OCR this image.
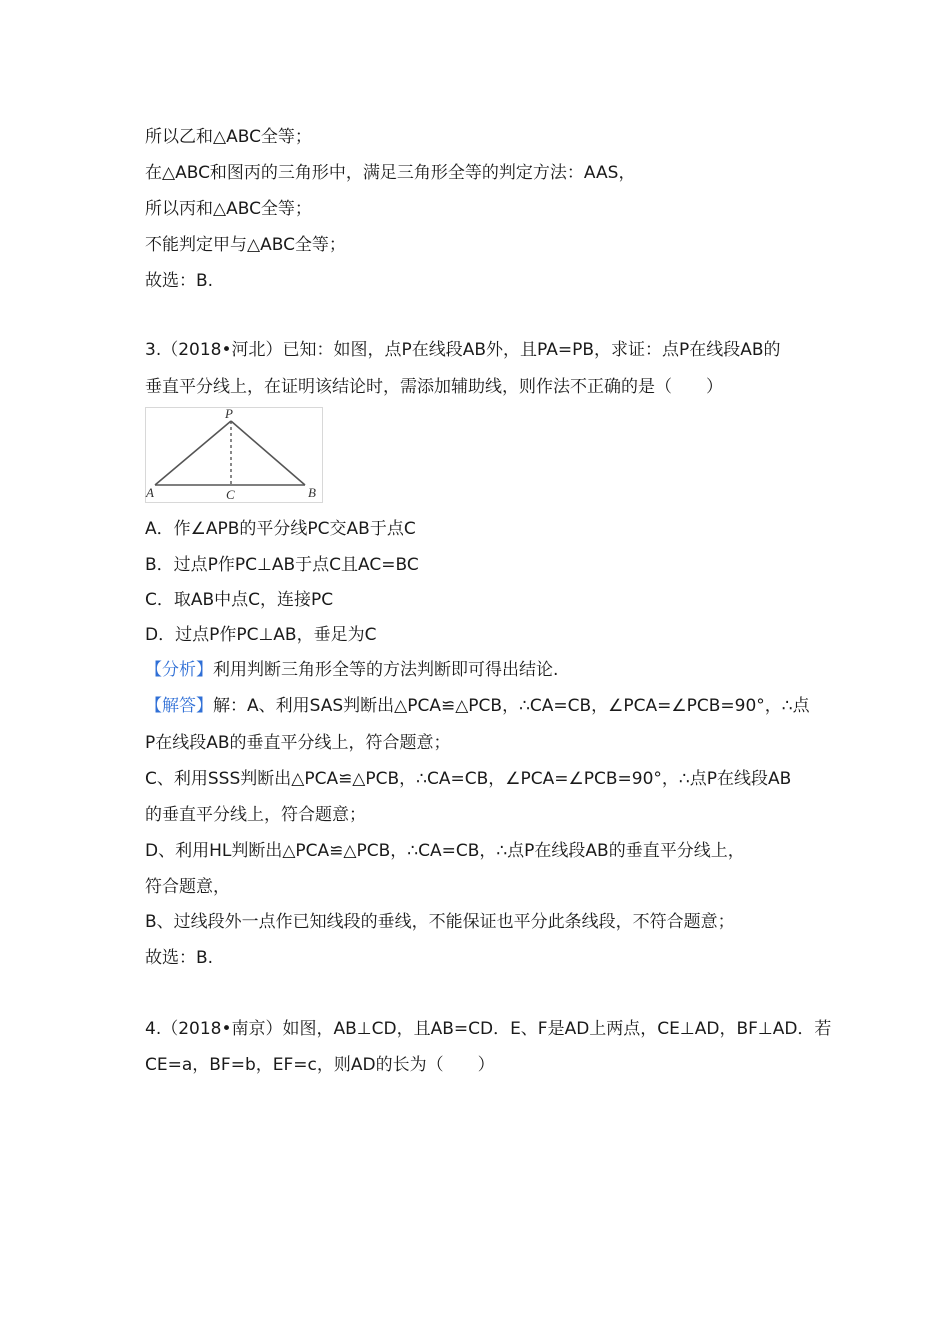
所以乙和△ABC全等；
在△ABC和图丙的三角形中，满足三角形全等的判定方法：AAS，
所以丙和△ABC全等；
不能判定甲与△ABC全等；
故选：B.
3.（2018•河北）已知：如图，点P在线段AB外，且PA=PB，求证：点P在线段AB的
垂直平分线上，在证明该结论时，需添加辅助线，则作法不正确的是（　　）
A．作∠APB的平分线PC交AB于点C
B．过点P作PC⊥AB于点C且AC=BC
C．取AB中点C，连接PC
D．过点P作PC⊥AB，垂足为C
【分析】利用判断三角形全等的方法判断即可得出结论.
【解答】解：A、利用SAS判断出△PCA≌△PCB，∴CA=CB，∠PCA=∠PCB=90°，∴点
P在线段AB的垂直平分线上，符合题意；
C、利用SSS判断出△PCA≌△PCB，∴CA=CB，∠PCA=∠PCB=90°，∴点P在线段AB
的垂直平分线上，符合题意；
D、利用HL判断出△PCA≌△PCB，∴CA=CB，∴点P在线段AB的垂直平分线上，
符合题意，
B、过线段外一点作已知线段的垂线，不能保证也平分此条线段，不符合题意；
故选：B.
4.（2018•南京）如图，AB⊥CD，且AB=CD．E、F是AD上两点，CE⊥AD，BF⊥AD．若
CE=a，BF=b，EF=c，则AD的长为（　　）
P
A	C	B
